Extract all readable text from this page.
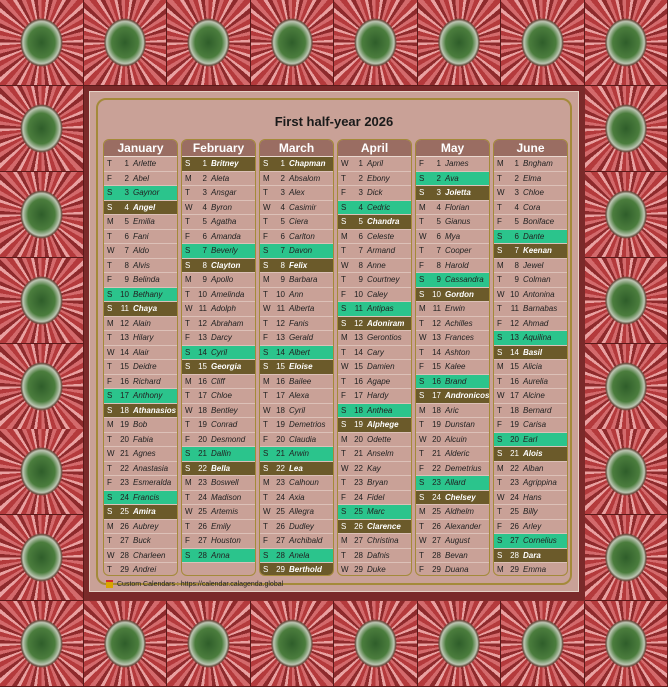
First half-year 2026
January
T	1 Arlette
F	2 Abel
S	3 Gaynor
S	4 Angel
M	5 Emilia
T	6 Fani
W	7 Aldo
T	8 Alvis
F	9 Belinda
S 10 Bethany
S	11 Chaya
M 12 Alain
T	13 Hilary
W 14 Alair
T	15 Deidre
F	16 Richard
S 17 Anthony
S 18 Athanasios
M 19 Bob
T	20 Fabia
W 21 Agnes
T	22 Anastasia
F	23 Esmeralda
S 24 Francis
S 25 Amira
M 26 Aubrey
T	27 Buck
W 28 Charleen
T	29 Andrei
February
S	1 Britney
M	2 Aleta
T	3 Ansgar
W	4 Byron
T	5 Agatha
F	6 Amanda
S	7 Beverly
S	8 Clayton
M	9 Apollo
T	10 Amelinda
W 11 Adolph
T	12 Abraham
F	13 Darcy
S 14 Cyril
S 15 Georgia
M 16 Cliff
T	17 Chloe
W 18 Bentley
T	19 Conrad
F	20 Desmond
S 21 Dallin
S 22 Bella
M 23 Boswell
T	24 Madison
W 25 Artemis
T	26 Emily
F	27 Houston
S 28 Anna
March
S	1 Chapman
M	2 Absalom
T	3 Alex
W	4 Casimir
T	5 Ciera
F	6 Carlton
S	7 Davon
S	8 Felix
M	9 Barbara
T	10 Ann
W 11 Alberta
T	12 Fanis
F	13 Gerald
S 14 Albert
S 15 Eloise
M 16 Bailee
T	17 Alexa
W 18 Cyril
T	19 Demetrios
F	20 Claudia
S 21 Arwin
S 22 Lea
M 23 Calhoun
T	24 Axia
W 25 Allegra
T	26 Dudley
F	27 Archibald
S 28 Anela
S 29 Berthold
April
W	1 April
T	2 Ebony
F	3 Dick
S	4 Cedric
S	5 Chandra
M	6 Celeste
T	7 Armand
W	8 Anne
T	9 Courtney
F	10 Caley
S	11 Antipas
S 12 Adoniram
M 13 Gerontios
T	14 Cary
W 15 Damien
T	16 Agape
F	17 Hardy
S 18 Anthea
S 19 Alphege
M 20 Odette
T	21 Anselm
W 22 Kay
T	23 Bryan
F	24 Fidel
S 25 Marc
S 26 Clarence
M 27 Christina
T	28 Dafnis
W 29 Duke
May
F	1 James
S	2 Ava
S	3 Joletta
M	4 Florian
T	5 Gianus
W	6 Mya
T	7 Cooper
F	8 Harold
S	9 Cassandra
S 10 Gordon
M 11 Erwin
T	12 Achilles
W 13 Frances
T	14 Ashton
F	15 Kalee
S 16 Brand
S 17 Andronicos
M 18 Aric
T	19 Dunstan
W 20 Alcuin
T	21 Alderic
F	22 Demetrius
S 23 Allard
S 24 Chelsey
M 25 Aldhelm
T	26 Alexander
W 27 August
T	28 Bevan
F	29 Duana
June
M	1 Bngham
T	2 Elma
W	3 Chloe
T	4 Cora
F	5 Boniface
S	6 Dante
S	7 Keenan
M	8 Jewel
T	9 Colman
W 10 Antonina
T	11 Barnabas
F	12 Ahmad
S 13 Aquilina
S 14 Basil
M 15 Alicia
T	16 Aurelia
W 17 Alcine
T	18 Bernard
F	19 Carisa
S 20 Earl
S 21 Alois
M 22 Alban
T	23 Agrippina
W 24 Hans
T	25 Billy
F	26 Arley
S 27 Cornelius
S 28 Dara
M 29 Emma
Custom Calendars : https://calendar.calagenda.global
